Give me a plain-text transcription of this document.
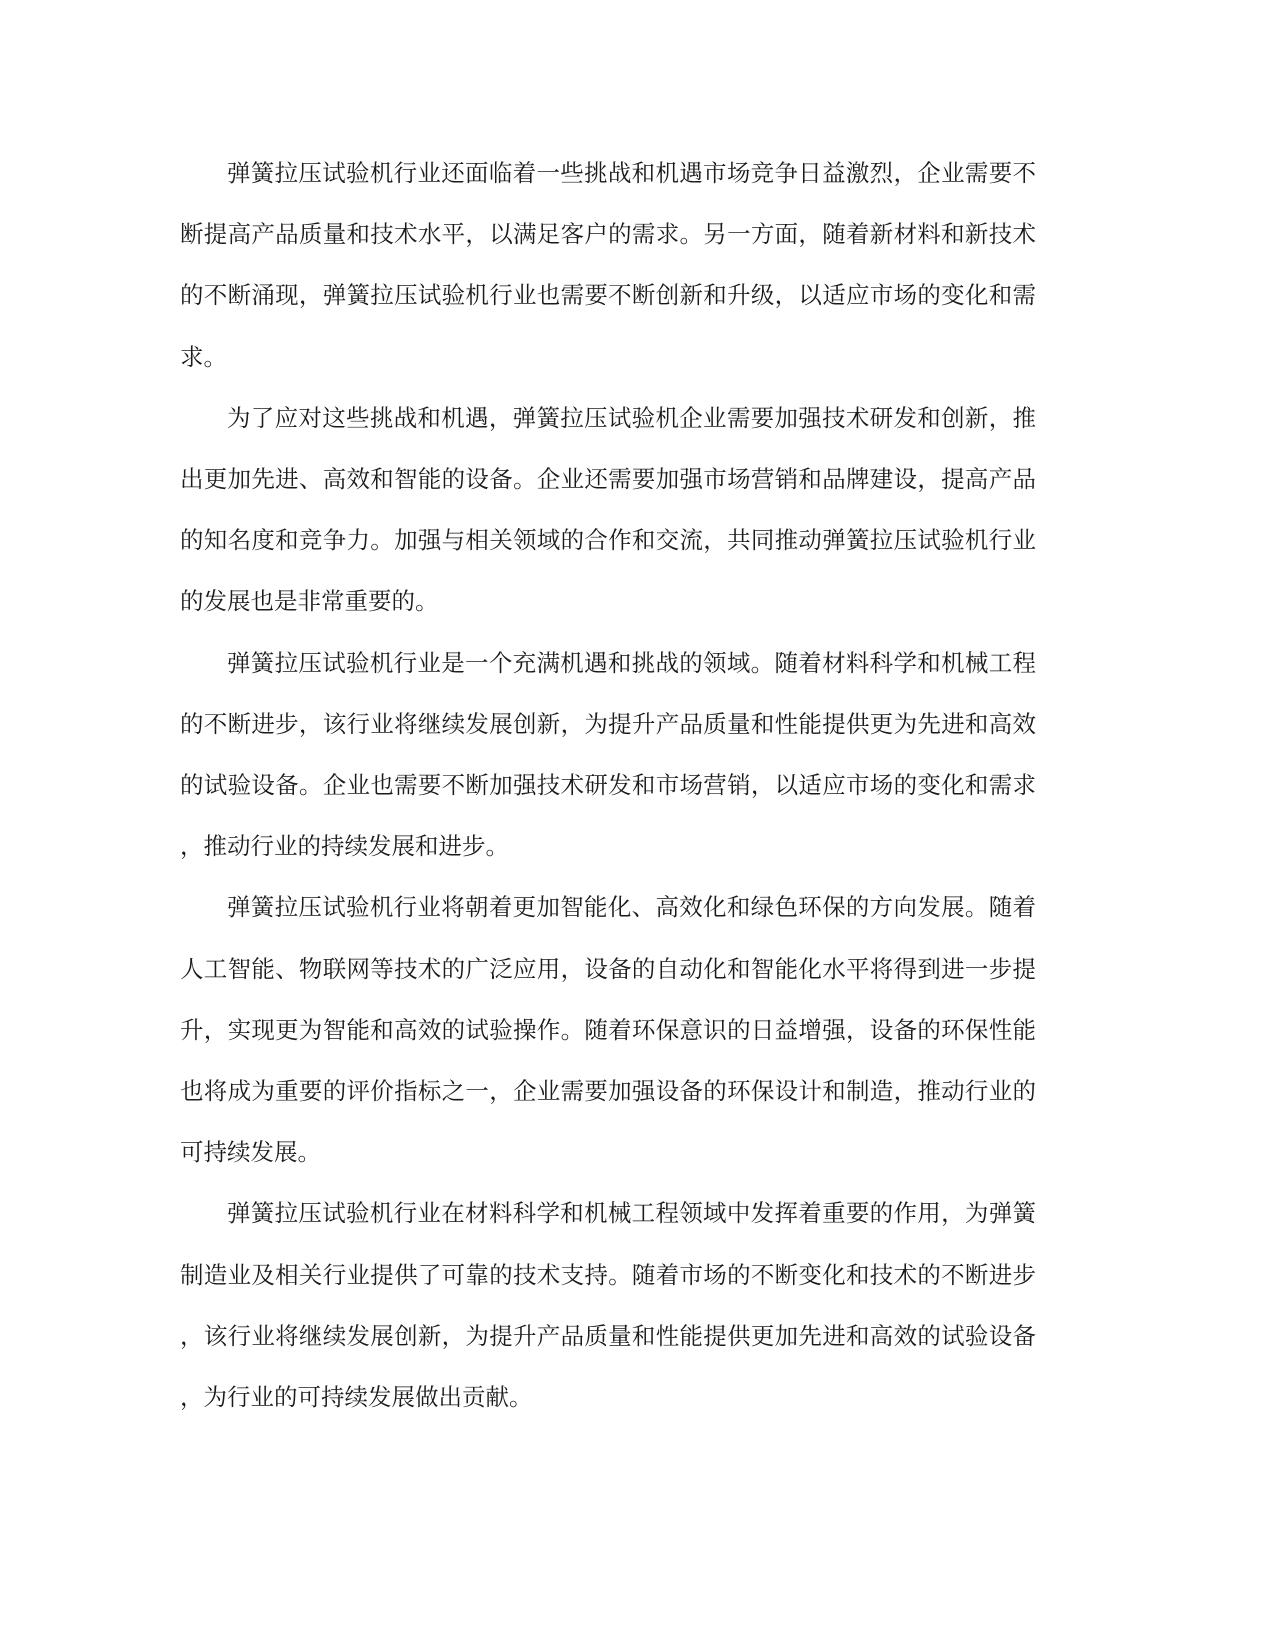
弹簧拉压试验机行业还面临着一些挑战和机遇市场竞争日益激烈，企业需要不断提高产品质量和技术水平，以满足客户的需求。另一方面，随着新材料和新技术的不断涌现，弹簧拉压试验机行业也需要不断创新和升级，以适应市场的变化和需求。

为了应对这些挑战和机遇，弹簧拉压试验机企业需要加强技术研发和创新，推出更加先进、高效和智能的设备。企业还需要加强市场营销和品牌建设，提高产品的知名度和竞争力。加强与相关领域的合作和交流，共同推动弹簧拉压试验机行业的发展也是非常重要的。

弹簧拉压试验机行业是一个充满机遇和挑战的领域。随着材料科学和机械工程的不断进步，该行业将继续发展创新，为提升产品质量和性能提供更为先进和高效的试验设备。企业也需要不断加强技术研发和市场营销，以适应市场的变化和需求，推动行业的持续发展和进步。

弹簧拉压试验机行业将朝着更加智能化、高效化和绿色环保的方向发展。随着人工智能、物联网等技术的广泛应用，设备的自动化和智能化水平将得到进一步提升，实现更为智能和高效的试验操作。随着环保意识的日益增强，设备的环保性能也将成为重要的评价指标之一，企业需要加强设备的环保设计和制造，推动行业的可持续发展。

弹簧拉压试验机行业在材料科学和机械工程领域中发挥着重要的作用，为弹簧制造业及相关行业提供了可靠的技术支持。随着市场的不断变化和技术的不断进步，该行业将继续发展创新，为提升产品质量和性能提供更加先进和高效的试验设备，为行业的可持续发展做出贡献。
